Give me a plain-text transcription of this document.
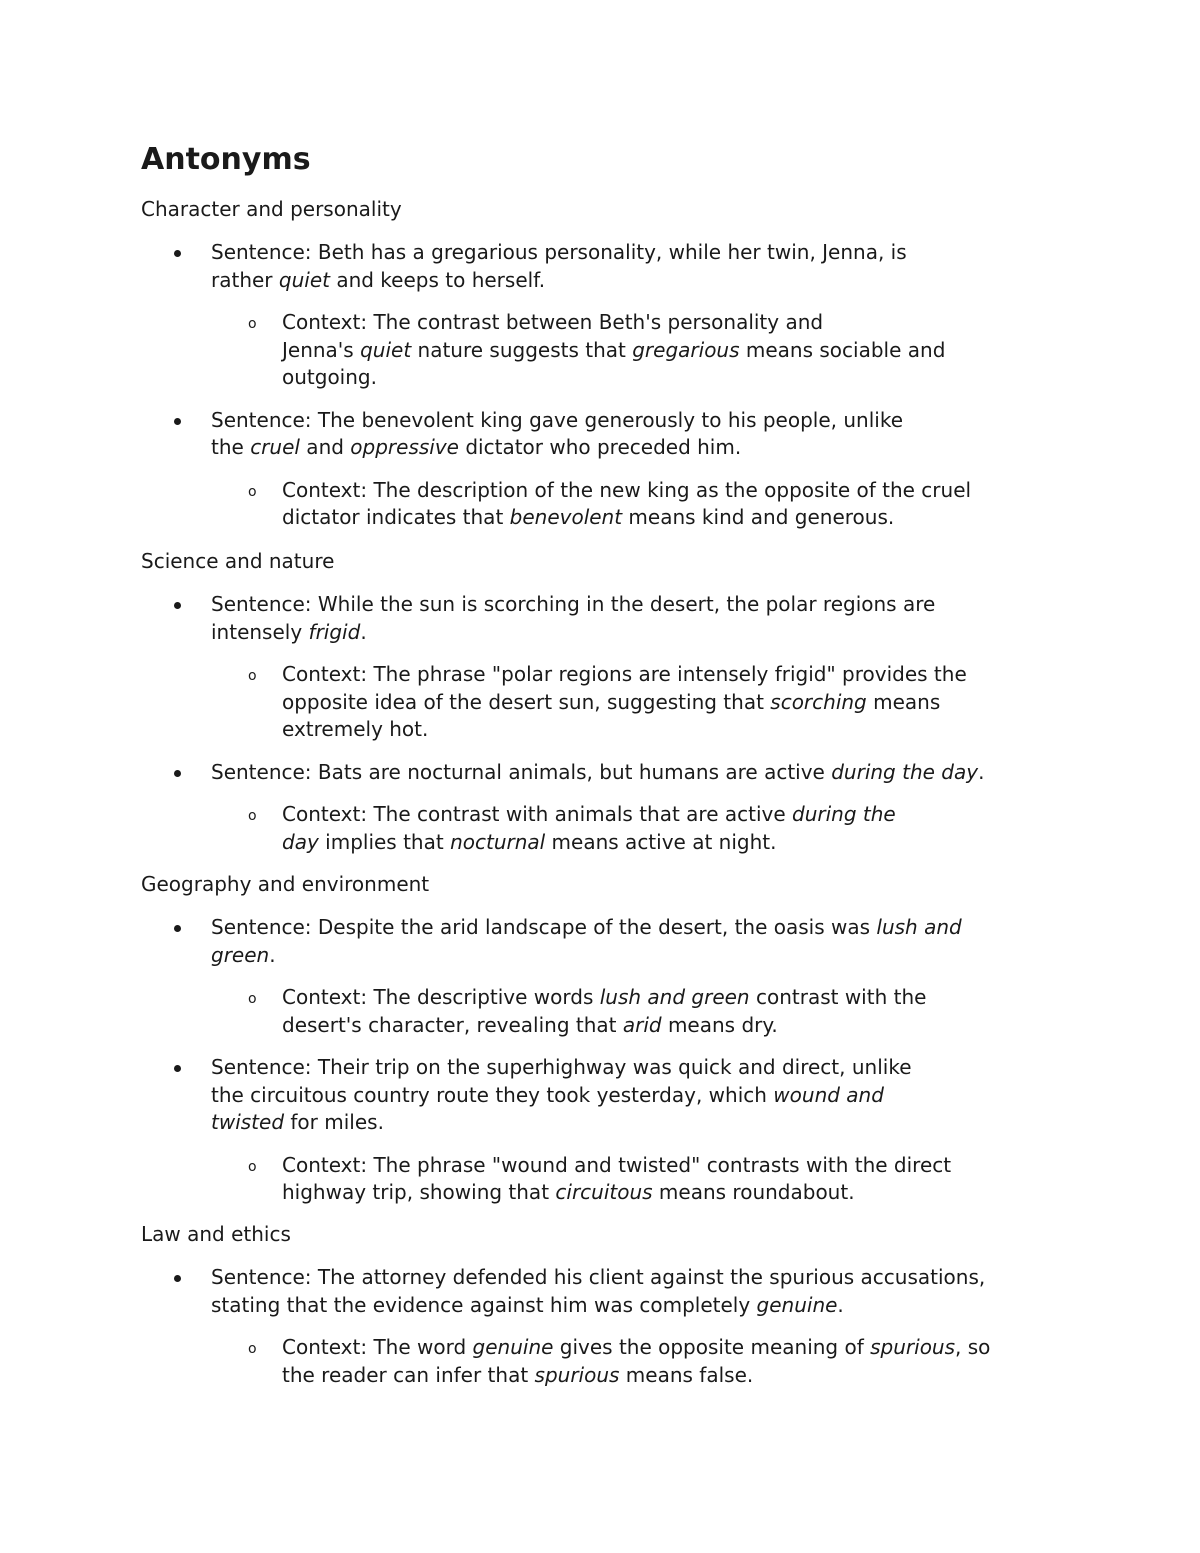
Antonyms
Character and personality
Sentence: Beth has a gregarious personality, while her twin, Jenna, is
rather quiet and keeps to herself.
o Context: The contrast between Beth's personality and
Jenna's quiet nature suggests that gregarious means sociable and
outgoing.
Sentence: The benevolent king gave generously to his people, unlike
the cruel and oppressive dictator who preceded him.
o Context: The description of the new king as the opposite of the cruel
dictator indicates that benevolent means kind and generous.
Science and nature
Sentence: While the sun is scorching in the desert, the polar regions are
intensely frigid.
o Context: The phrase "polar regions are intensely frigid" provides the
opposite idea of the desert sun, suggesting that scorching means
extremely hot.
Sentence: Bats are nocturnal animals, but humans are active during the day.
o Context: The contrast with animals that are active during the
day implies that nocturnal means active at night.
Geography and environment
Sentence: Despite the arid landscape of the desert, the oasis was lush and
green.
o Context: The descriptive words lush and green contrast with the
desert's character, revealing that arid means dry.
Sentence: Their trip on the superhighway was quick and direct, unlike
the circuitous country route they took yesterday, which wound and
twisted for miles.
o Context: The phrase "wound and twisted" contrasts with the direct
highway trip, showing that circuitous means roundabout.
Law and ethics
Sentence: The attorney defended his client against the spurious accusations,
stating that the evidence against him was completely genuine.
o Context: The word genuine gives the opposite meaning of spurious, so
the reader can infer that spurious means false.
